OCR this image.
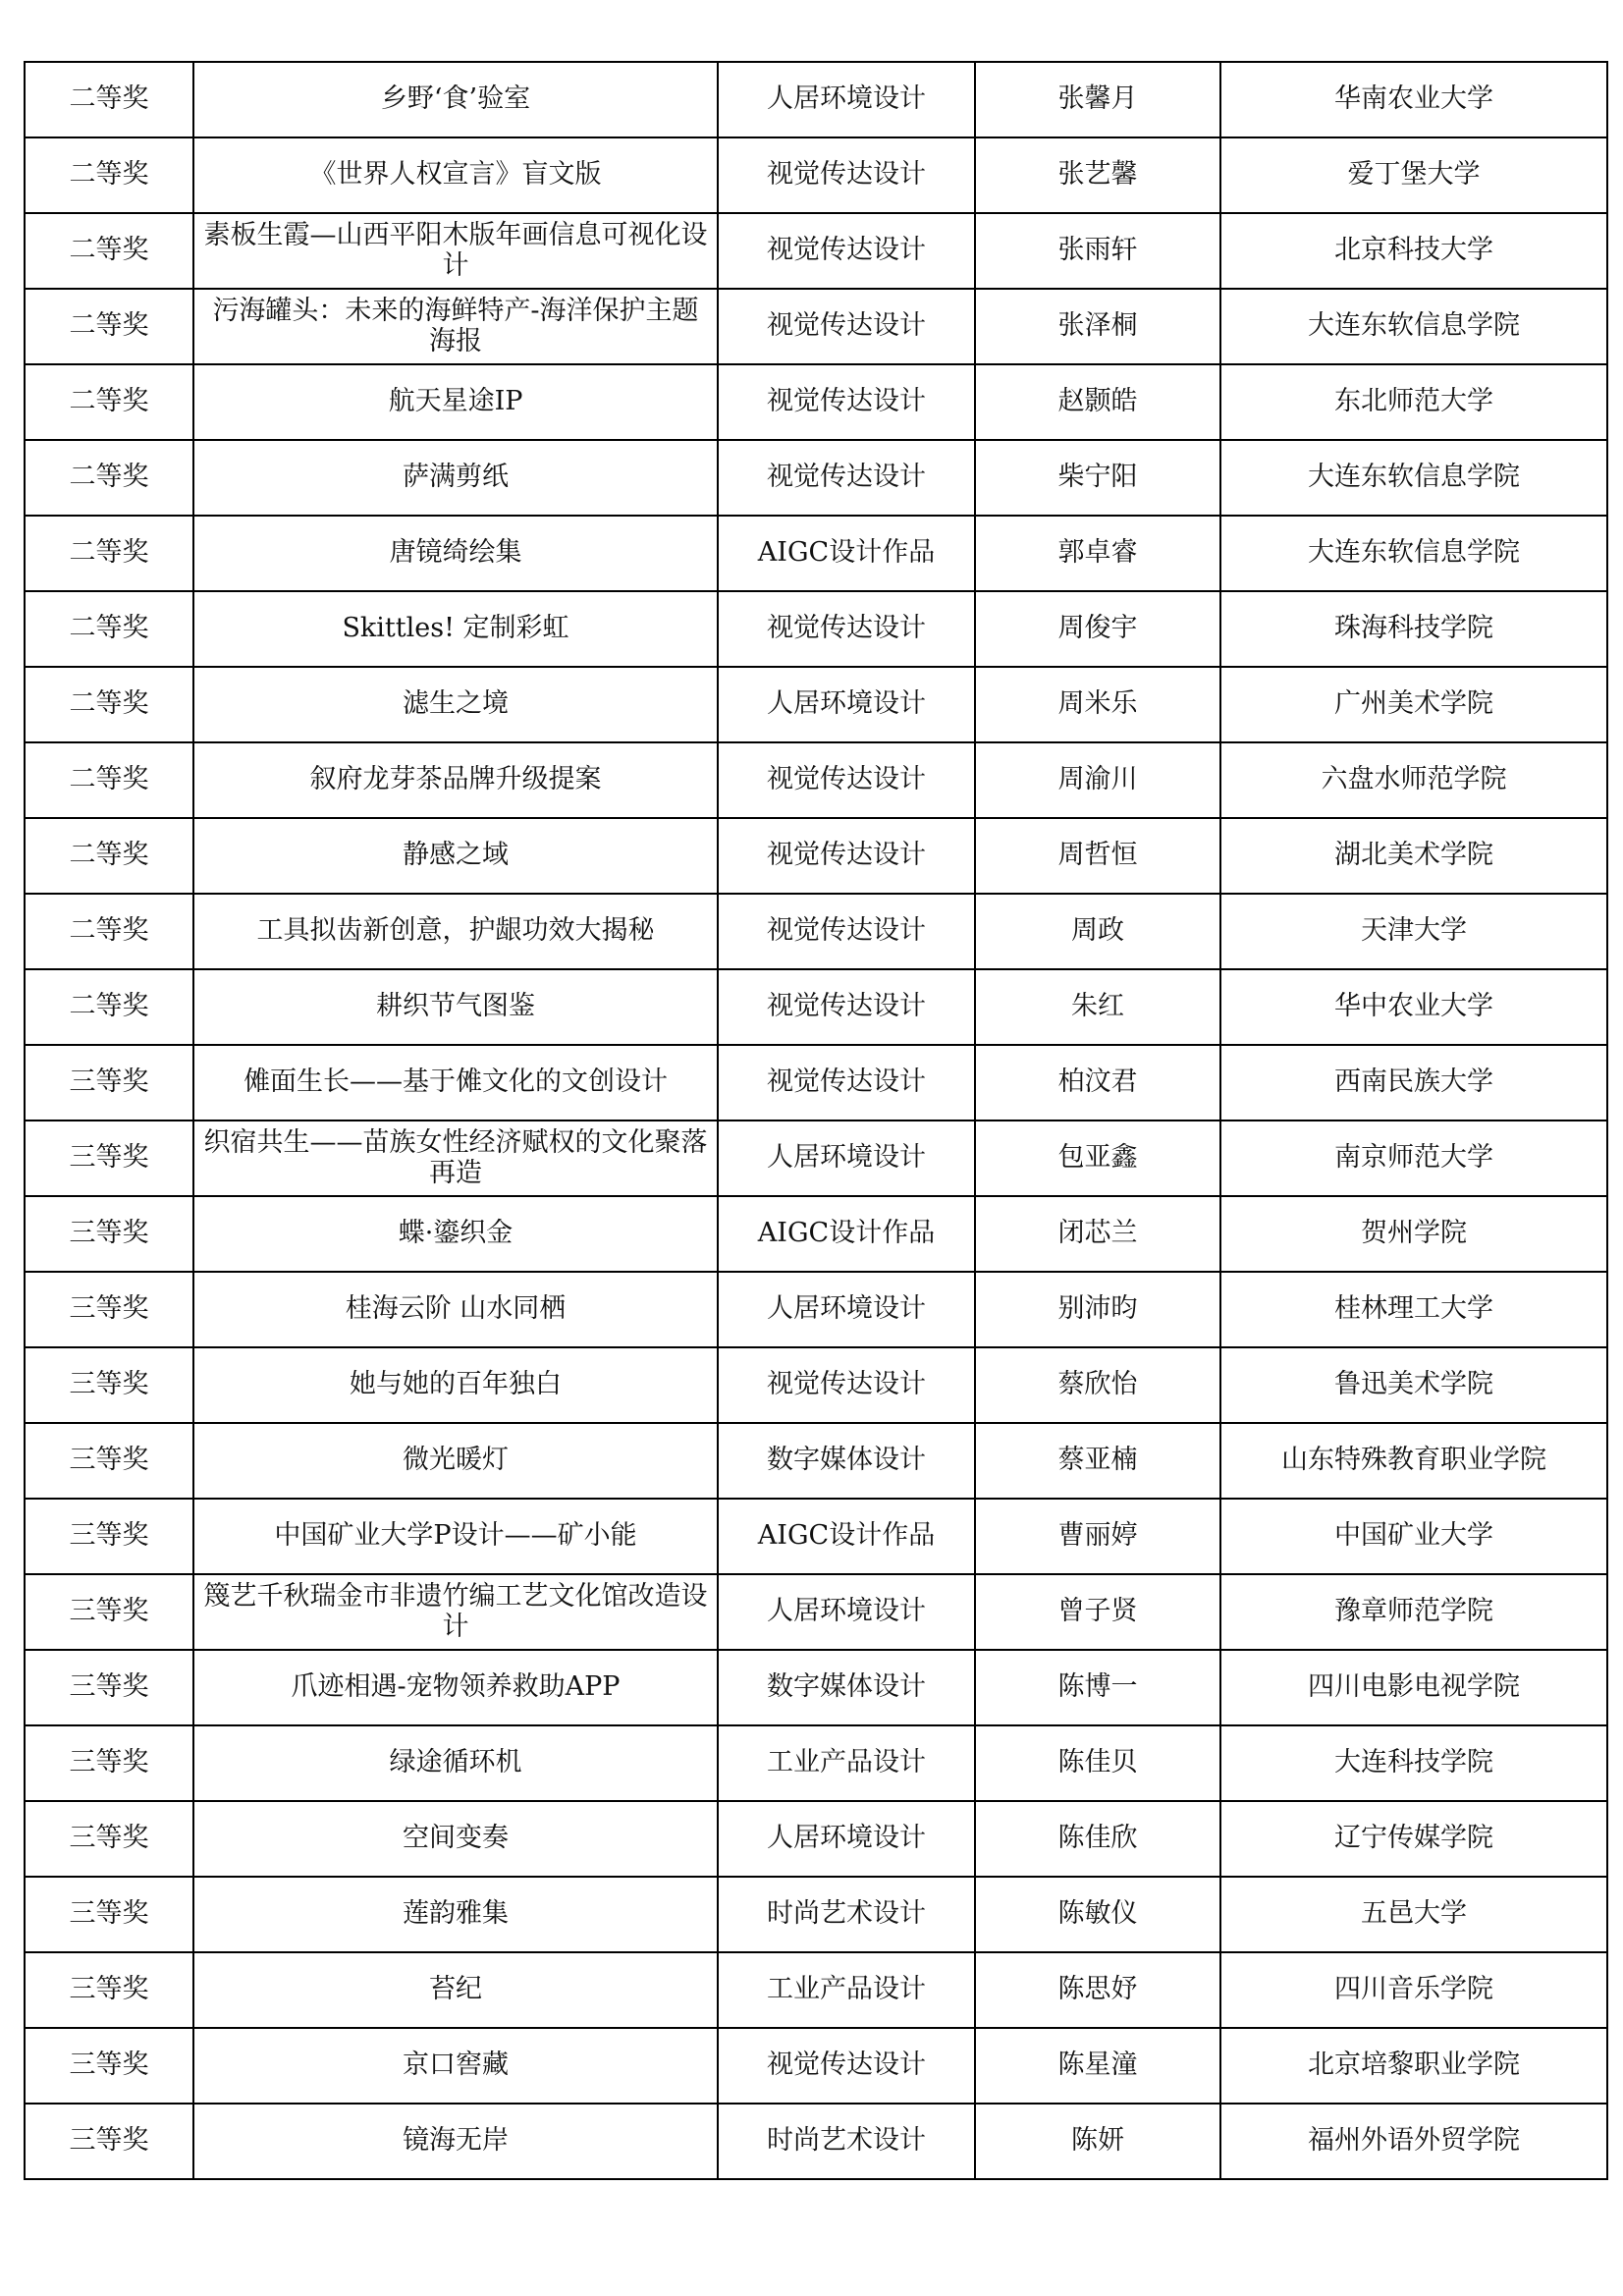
二等奖	乡野‘食’验室	人居环境设计	张馨月	华南农业大学
二等奖	《世界人权宣言》盲文版	视觉传达设计	张艺馨	爱丁堡大学
二等奖	素板生霞—山西平阳木版年画信息可视化设计	视觉传达设计	张雨轩	北京科技大学
二等奖	污海罐头：未来的海鲜特产-海洋保护主题海报	视觉传达设计	张泽桐	大连东软信息学院
二等奖	航天星途IP	视觉传达设计	赵颢皓	东北师范大学
二等奖	萨满剪纸	视觉传达设计	柴宁阳	大连东软信息学院
二等奖	唐镜绮绘集	AIGC设计作品	郭卓睿	大连东软信息学院
二等奖	Skittles! 定制彩虹	视觉传达设计	周俊宇	珠海科技学院
二等奖	滤生之境	人居环境设计	周米乐	广州美术学院
二等奖	叙府龙芽茶品牌升级提案	视觉传达设计	周渝川	六盘水师范学院
二等奖	静感之域	视觉传达设计	周哲恒	湖北美术学院
二等奖	工具拟齿新创意，护龈功效大揭秘	视觉传达设计	周政	天津大学
二等奖	耕织节气图鉴	视觉传达设计	朱红	华中农业大学
三等奖	傩面生长——基于傩文化的文创设计	视觉传达设计	柏汶君	西南民族大学
三等奖	织宿共生——苗族女性经济赋权的文化聚落再造	人居环境设计	包亚鑫	南京师范大学
三等奖	蝶·鎏织金	AIGC设计作品	闭芯兰	贺州学院
三等奖	桂海云阶 山水同栖	人居环境设计	别沛昀	桂林理工大学
三等奖	她与她的百年独白	视觉传达设计	蔡欣怡	鲁迅美术学院
三等奖	微光暖灯	数字媒体设计	蔡亚楠	山东特殊教育职业学院
三等奖	中国矿业大学P设计——矿小能	AIGC设计作品	曹丽婷	中国矿业大学
三等奖	篾艺千秋瑞金市非遗竹编工艺文化馆改造设计	人居环境设计	曾子贤	豫章师范学院
三等奖	爪迹相遇-宠物领养救助APP	数字媒体设计	陈博一	四川电影电视学院
三等奖	绿途循环机	工业产品设计	陈佳贝	大连科技学院
三等奖	空间变奏	人居环境设计	陈佳欣	辽宁传媒学院
三等奖	莲韵雅集	时尚艺术设计	陈敏仪	五邑大学
三等奖	苔纪	工业产品设计	陈思妤	四川音乐学院
三等奖	京口窖藏	视觉传达设计	陈星潼	北京培黎职业学院
三等奖	镜海无岸	时尚艺术设计	陈妍	福州外语外贸学院
